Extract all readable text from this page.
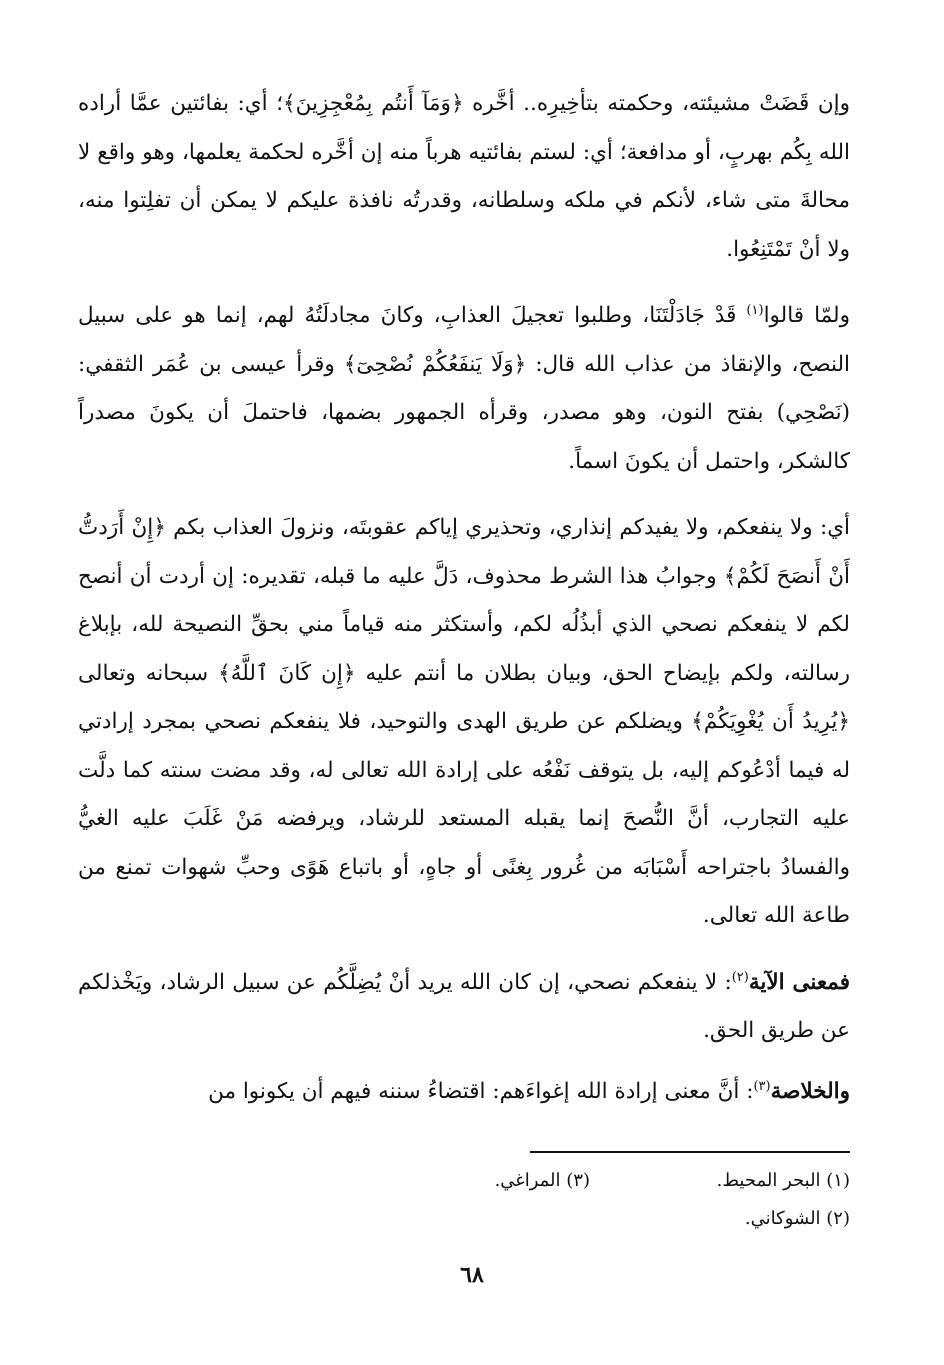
وإن قَضَتْ مشيئته، وحكمته بتأخِيرِه.. أخَّره ﴿وَمَآ أَنتُم بِمُعْجِزِينَ﴾؛ أي: بفائتين عمَّا أراده الله بِكُم بهربٍ، أو مدافعة؛ أي: لستم بفائتيه هرباً منه إن أخَّره لحكمة يعلمها، وهو واقع لا محالةَ متى شاء، لأنكم في ملكه وسلطانه، وقدرتُه نافذة عليكم لا يمكن أن تفلِتوا منه، ولا أنْ تَمْتَنِعُوا.

ولمّا قالوا$^{(١)}$ قَدْ جَادَلْتَنَا، وطلبوا تعجيلَ العذابِ، وكانَ مجادلَتُهُ لهم، إنما هو على سبيل النصح، والإنقاذ من عذاب الله قال: ﴿وَلَا يَنفَعُكُمْ نُصْحِىٓ﴾ وقرأ عيسى بن عُمَر الثقفي: (نَصْحِي) بفتح النون، وهو مصدر، وقرأه الجمهور بضمها، فاحتملَ أن يكونَ مصدراً كالشكر، واحتمل أن يكونَ اسماً.

أي: ولا ينفعكم، ولا يفيدكم إنذاري، وتحذيري إياكم عقوبتَه، ونزولَ العذاب بكم ﴿إِنْ أَرَدتُّ أَنْ أَنصَحَ لَكُمْ﴾ وجوابُ هذا الشرط محذوف، دَلَّ عليه ما قبله، تقديره: إن أردت أن أنصح لكم لا ينفعكم نصحي الذي أبذُلُه لكم، وأستكثر منه قياماً مني بحقِّ النصيحة لله، بإبلاغ رسالته، ولكم بإيضاح الحق، وبيان بطلان ما أنتم عليه ﴿إِن كَانَ ٱللَّهُ﴾ سبحانه وتعالى ﴿يُرِيدُ أَن يُغْوِيَكُمْ﴾ ويضلكم عن طريق الهدى والتوحيد، فلا ينفعكم نصحي بمجرد إرادتي له فيما أدْعُوكم إليه، بل يتوقف نَفْعُه على إرادة الله تعالى له، وقد مضت سنته كما دلَّت عليه التجارب، أنَّ النُّصحَ إنما يقبله المستعد للرشاد، ويرفضه مَنْ غَلَبَ عليه الغيُّ والفسادُ باجتراحه أَسْبَابَه من غُرور بِغنًى أو جاهٍ، أو باتباع هَوًى وحبِّ شهوات تمنع من طاعة الله تعالى.

فمعنى الآية$^{(٢)}$: لا ينفعكم نصحي، إن كان الله يريد أنْ يُضِلَّكُم عن سبيل الرشاد، ويَخْذلكم عن طريق الحق.

والخلاصة$^{(٣)}$: أنَّ معنى إرادة الله إغواءَهم: اقتضاءُ سننه فيهم أن يكونوا من

(١) البحر المحيط.
(٣) المراغي.
(٢) الشوكاني.
٦٨
